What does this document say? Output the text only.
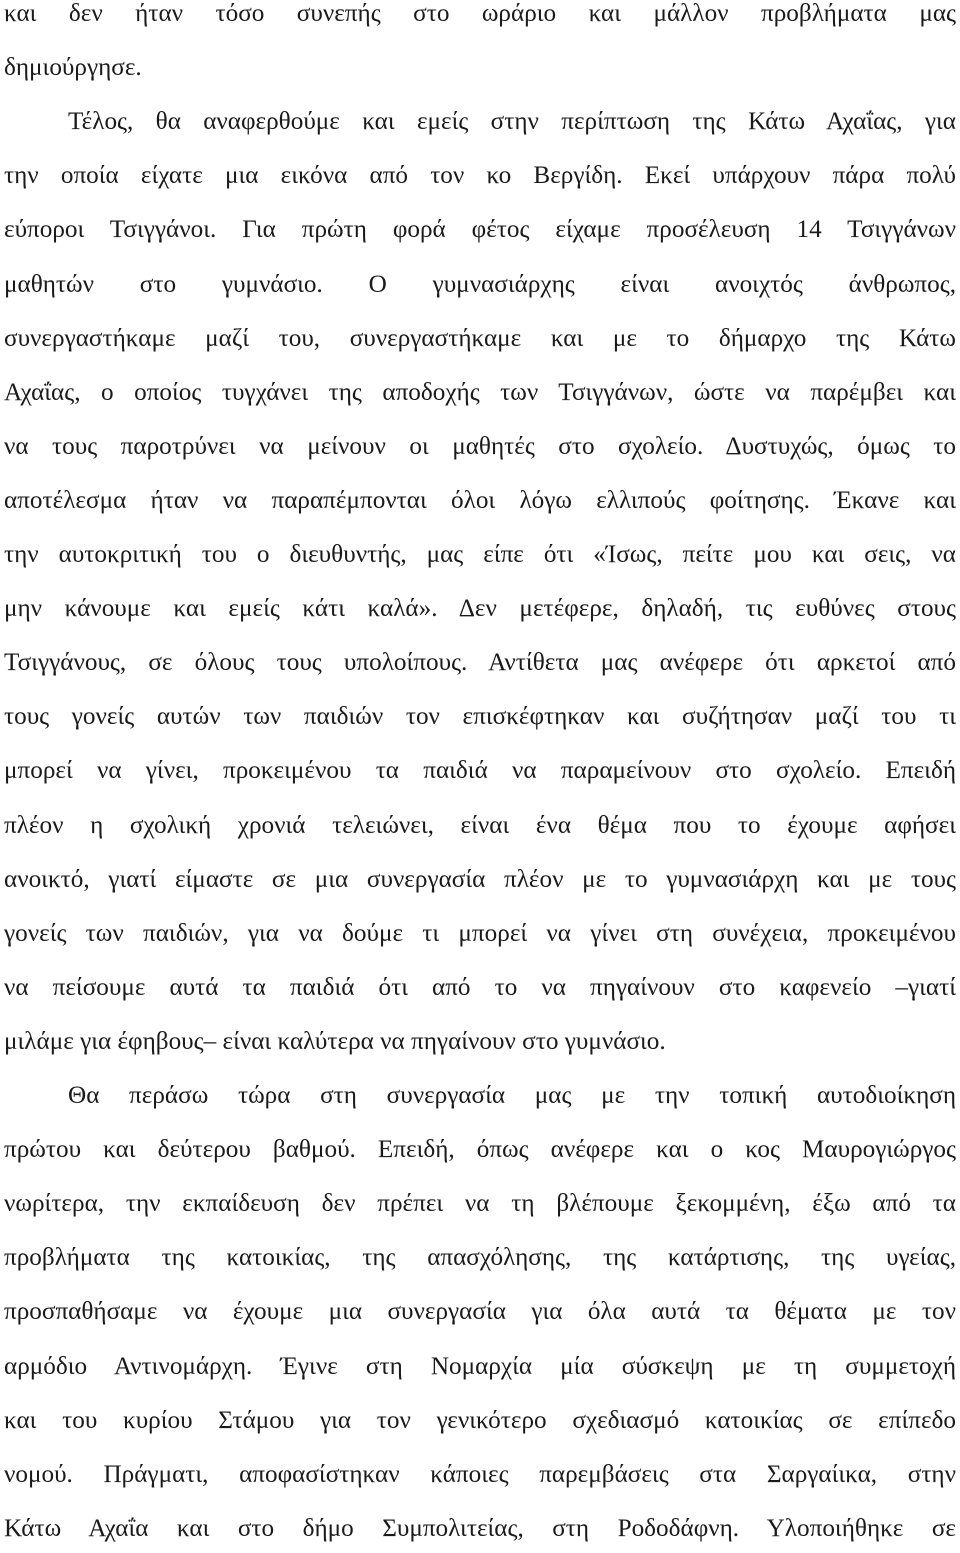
και δεν ήταν τόσο συνεπής στο ωράριο και μάλλον προβλήματα μας
δημιούργησε.
Τέλος, θα αναφερθούμε και εμείς στην περίπτωση της Κάτω Αχαΐας, για
την οποία είχατε μια εικόνα από τον κο Βεργίδη. Εκεί υπάρχουν πάρα πολύ
εύποροι Τσιγγάνοι. Για πρώτη φορά φέτος είχαμε προσέλευση 14 Τσιγγάνων
μαθητών στο γυμνάσιο. Ο γυμνασιάρχης είναι ανοιχτός άνθρωπος,
συνεργαστήκαμε μαζί του, συνεργαστήκαμε και με το δήμαρχο της Κάτω
Αχαΐας, ο οποίος τυγχάνει της αποδοχής των Τσιγγάνων, ώστε να παρέμβει και
να τους παροτρύνει να μείνουν οι μαθητές στο σχολείο. Δυστυχώς, όμως το
αποτέλεσμα ήταν να παραπέμπονται όλοι λόγω ελλιπούς φοίτησης. Έκανε και
την αυτοκριτική του ο διευθυντής, μας είπε ότι «Ίσως, πείτε μου και σεις, να
μην κάνουμε και εμείς κάτι καλά». Δεν μετέφερε, δηλαδή, τις ευθύνες στους
Τσιγγάνους, σε όλους τους υπολοίπους. Αντίθετα μας ανέφερε ότι αρκετοί από
τους γονείς αυτών των παιδιών τον επισκέφτηκαν και συζήτησαν μαζί του τι
μπορεί να γίνει, προκειμένου τα παιδιά να παραμείνουν στο σχολείο. Επειδή
πλέον η σχολική χρονιά τελειώνει, είναι ένα θέμα που το έχουμε αφήσει
ανοικτό, γιατί είμαστε σε μια συνεργασία πλέον με το γυμνασιάρχη και με τους
γονείς των παιδιών, για να δούμε τι μπορεί να γίνει στη συνέχεια, προκειμένου
να πείσουμε αυτά τα παιδιά ότι από το να πηγαίνουν στο καφενείο –γιατί
μιλάμε για έφηβους– είναι καλύτερα να πηγαίνουν στο γυμνάσιο.
Θα περάσω τώρα στη συνεργασία μας με την τοπική αυτοδιοίκηση
πρώτου και δεύτερου βαθμού. Επειδή, όπως ανέφερε και ο κος Μαυρογιώργος
νωρίτερα, την εκπαίδευση δεν πρέπει να τη βλέπουμε ξεκομμένη, έξω από τα
προβλήματα της κατοικίας, της απασχόλησης, της κατάρτισης, της υγείας,
προσπαθήσαμε να έχουμε μια συνεργασία για όλα αυτά τα θέματα με τον
αρμόδιο Αντινομάρχη. Έγινε στη Νομαρχία μία σύσκεψη με τη συμμετοχή
και του κυρίου Στάμου για τον γενικότερο σχεδιασμό κατοικίας σε επίπεδο
νομού. Πράγματι, αποφασίστηκαν κάποιες παρεμβάσεις στα Σαργαίικα, στην
Κάτω Αχαΐα και στο δήμο Συμπολιτείας, στη Ροδοδάφνη. Υλοποιήθηκε σε
